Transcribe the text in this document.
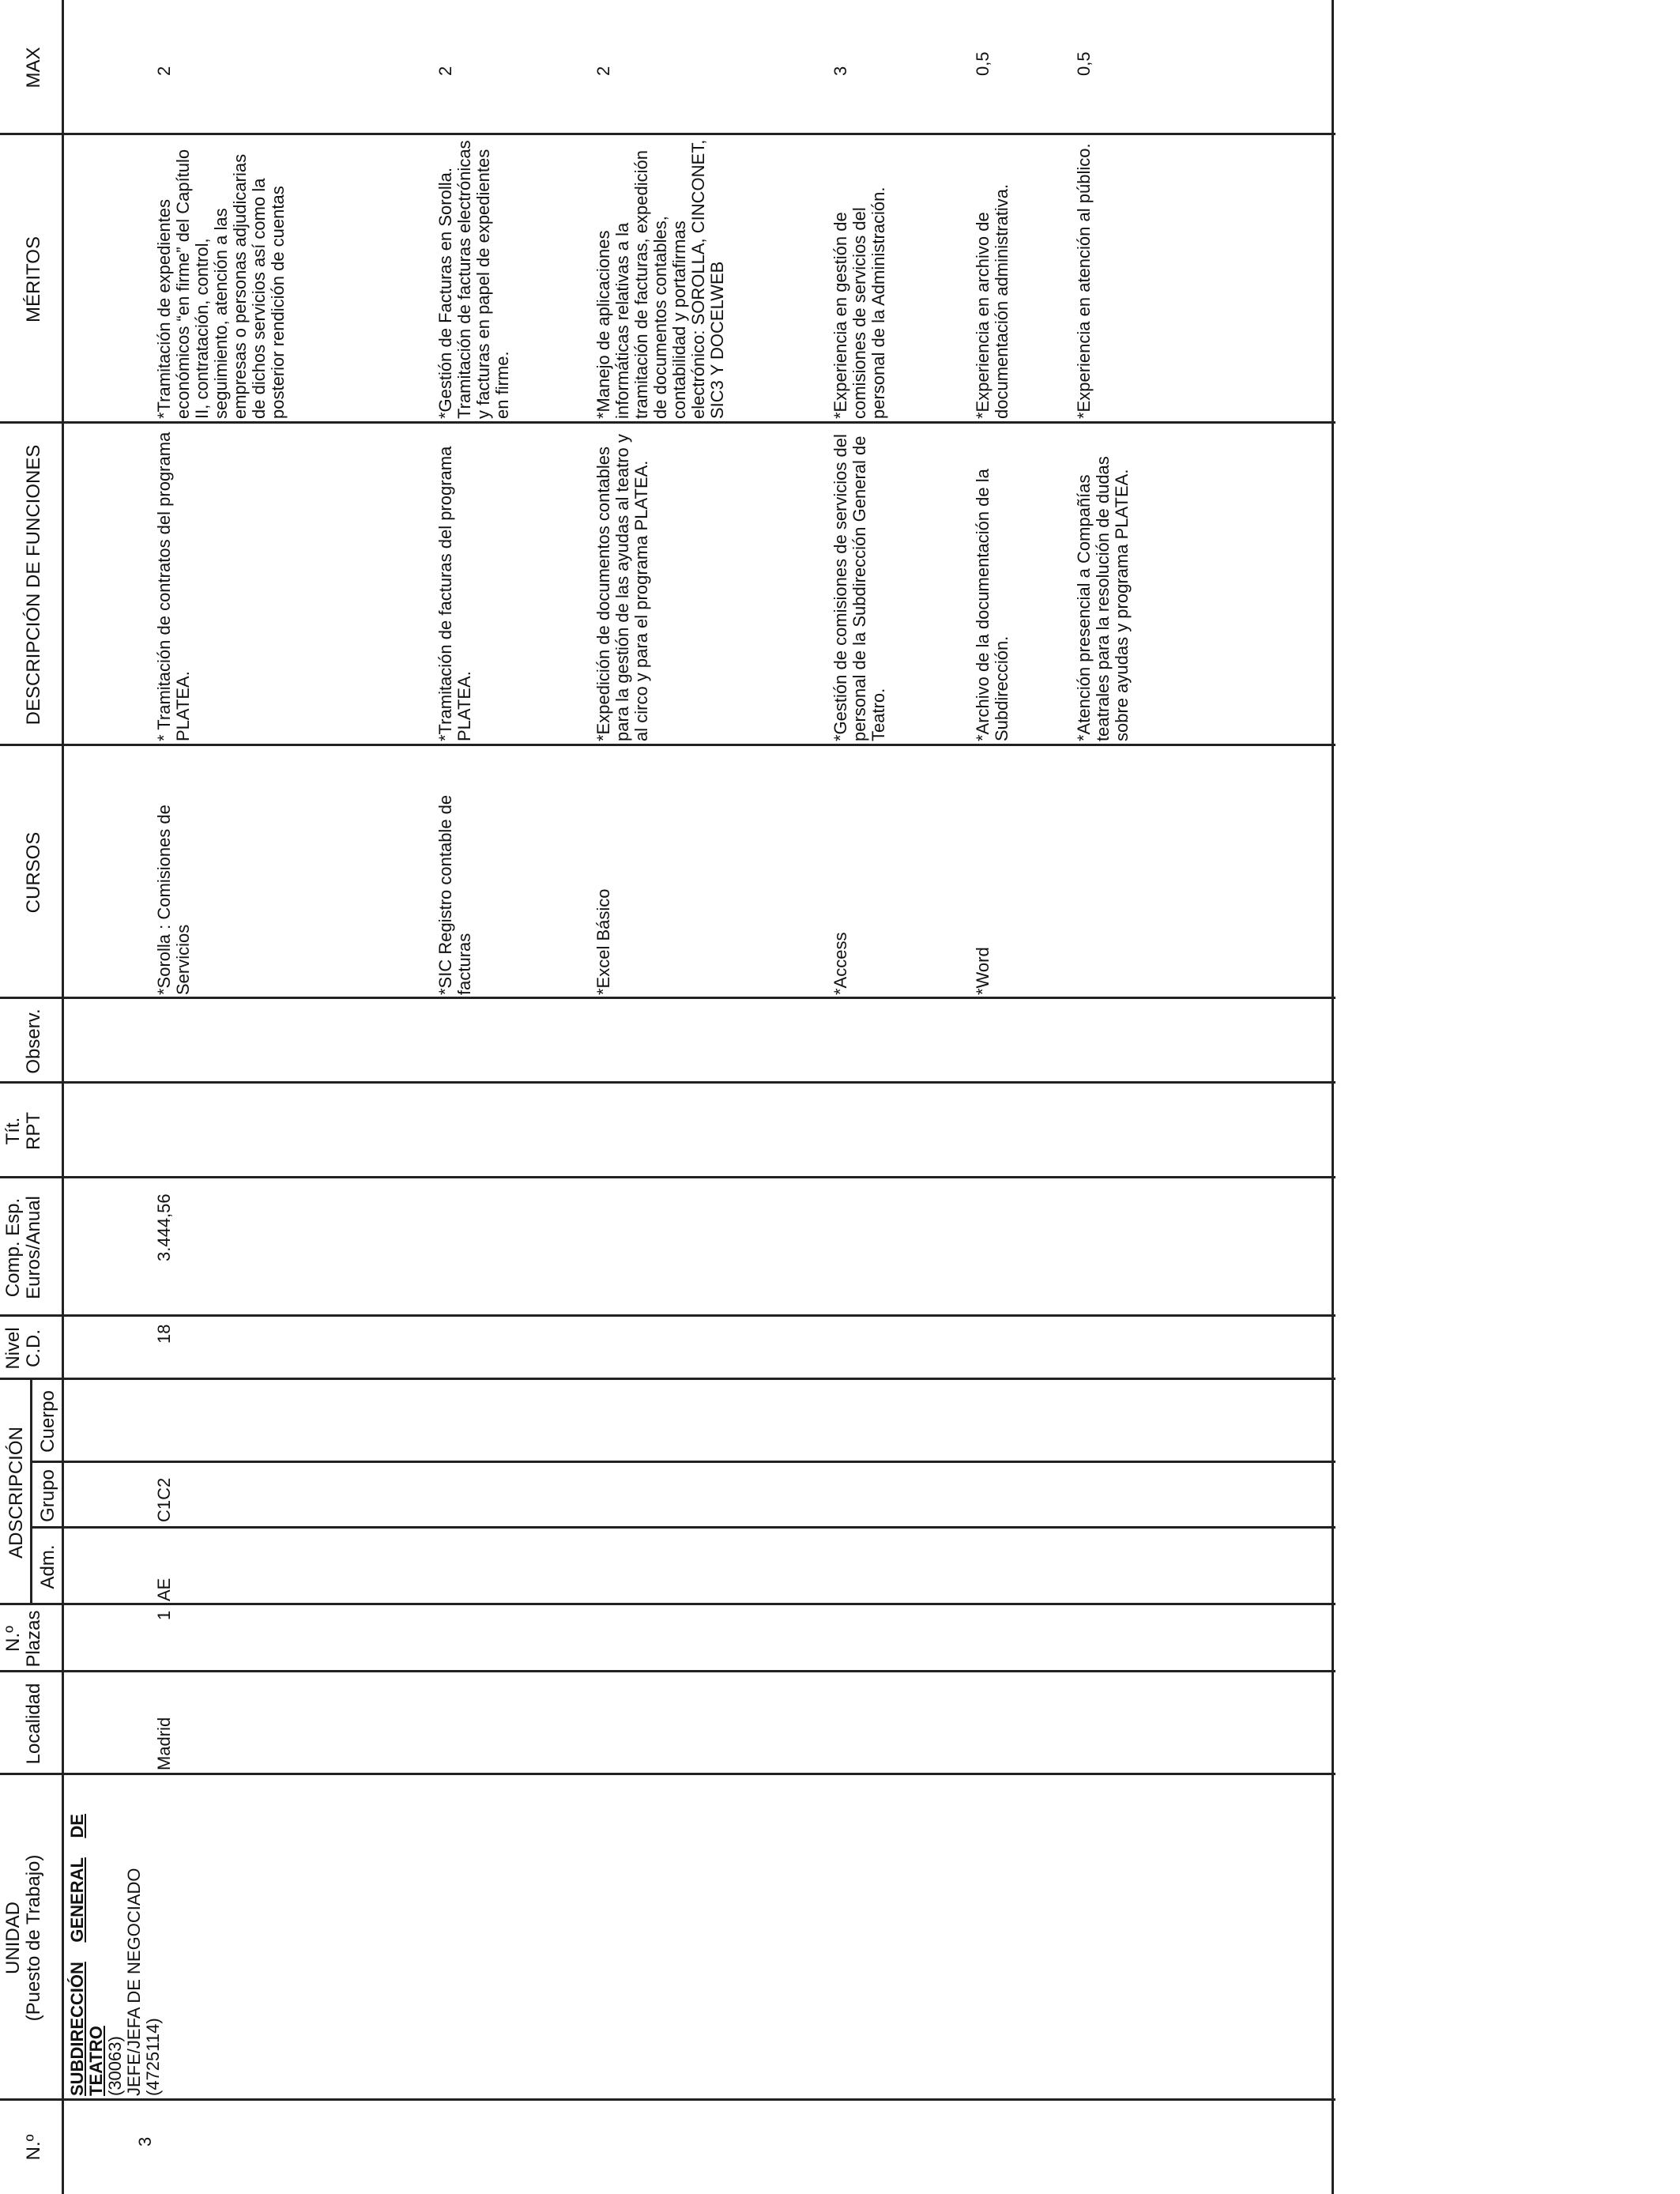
N.º
UNIDAD (Puesto de Trabajo)
Localidad
N.º Plazas
ADSCRIPCIÓN
Adm.
Grupo
Cuerpo
Nivel C.D.
Comp. Esp. Euros/Anual
Tít. RPT
Observ.
CURSOS
DESCRIPCIÓN DE FUNCIONES
MÉRITOS
MAX
3
SUBDIRECCIÓN    GENERAL    DE
TEATRO (30063) JEFE/JEFA DE NEGOCIADO (4725114)
Madrid
1
AE
C1C2
18
3.444,56
*Sorolla : Comisiones de Servicios
* Tramitación de contratos del programa PLATEA.
*Tramitación de expedientes económicos “en firme” del Capítulo II, contratación, control, seguimiento, atención a las empresas o personas adjudicarias de dichos servicios así como la posterior rendición de cuentas
2
*SIC Registro contable de facturas
*Tramitación de facturas del programa PLATEA.
*Gestión de Facturas en Sorolla. Tramitación de facturas electrónicas y facturas en papel de expedientes en firme.
2
*Excel Básico
*Expedición de documentos contables para la gestión de las ayudas al teatro y al circo y para el programa PLATEA.
*Manejo de aplicaciones informáticas relativas a la tramitación de facturas, expedición de documentos contables, contabilidad y portafirmas electrónico: SOROLLA, CINCONET, SIC3 Y DOCELWEB
2
*Access
*Gestión de comisiones de servicios del personal de la Subdirección General de Teatro.
*Experiencia en gestión de comisiones de servicios del personal de la Administración.
3
*Word
*Archivo de la documentación de la Subdirección.
*Experiencia en archivo de documentación administrativa.
0,5
*Atención presencial a Compañías teatrales para la resolución de dudas sobre ayudas y programa PLATEA.
*Experiencia en atención al público.
0,5
